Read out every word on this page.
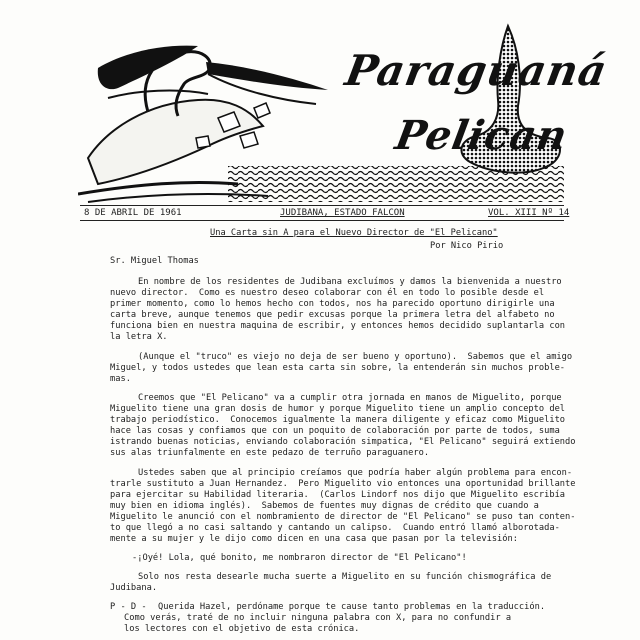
Paraguaná
Pelican
8 DE ABRIL DE 1961	JUDIBANA, ESTADO FALCON	VOL. XIII Nº 14
Una Carta sin A para el Nuevo Director de "El Pelicano"
Por Nico Pirio
Sr. Miguel Thomas
En nombre de los residentes de Judibana excluímos y damos la bienvenida a nuestro
nuevo director.  Como es nuestro deseo colaborar con él en todo lo posible desde el
primer momento, como lo hemos hecho con todos, nos ha parecido oportuno dirigirle una
carta breve, aunque tenemos que pedir excusas porque la primera letra del alfabeto no
funciona bien en nuestra maquina de escribir, y entonces hemos decidido suplantarla con
la letra X.
(Aunque el "truco" es viejo no deja de ser bueno y oportuno).  Sabemos que el amigo
Miguel, y todos ustedes que lean esta carta sin sobre, la entenderán sin muchos proble-
mas.
Creemos que "El Pelicano" va a cumplir otra jornada en manos de Miguelito, porque
Miguelito tiene una gran dosis de humor y porque Miguelito tiene un amplio concepto del
trabajo periodístico.  Conocemos igualmente la manera diligente y eficaz como Miguelito
hace las cosas y confiamos que con un poquito de colaboración por parte de todos, suma
istrando buenas noticias, enviando colaboración simpatica, "El Pelicano" seguirá extiendo
sus alas triunfalmente en este pedazo de terruño paraguanero.
Ustedes saben que al principio creíamos que podría haber algún problema para encon-
trarle sustituto a Juan Hernandez.  Pero Miguelito vio entonces una oportunidad brillante
para ejercitar su Habilidad literaria.  (Carlos Lindorf nos dijo que Miguelito escribía
muy bien en idioma inglés).  Sabemos de fuentes muy dignas de crédito que cuando a
Miguelito le anunció con el nombramiento de director de "El Pelicano" se puso tan conten-
to que llegó a no casi saltando y cantando un calipso.  Cuando entró llamó alborotada-
mente a su mujer y le dijo como dicen en una casa que pasan por la televisión:
-¡Oyé! Lola, qué bonito, me nombraron director de "El Pelicano"!
Solo nos resta desearle mucha suerte a Miguelito en su función chismográfica de
Judibana.
P - D - Querida Hazel, perdóname porque te cause tanto problemas en la traducción.
Como verás, traté de no incluir ninguna palabra con X, para no confundir a
los lectores con el objetivo de esta crónica.
